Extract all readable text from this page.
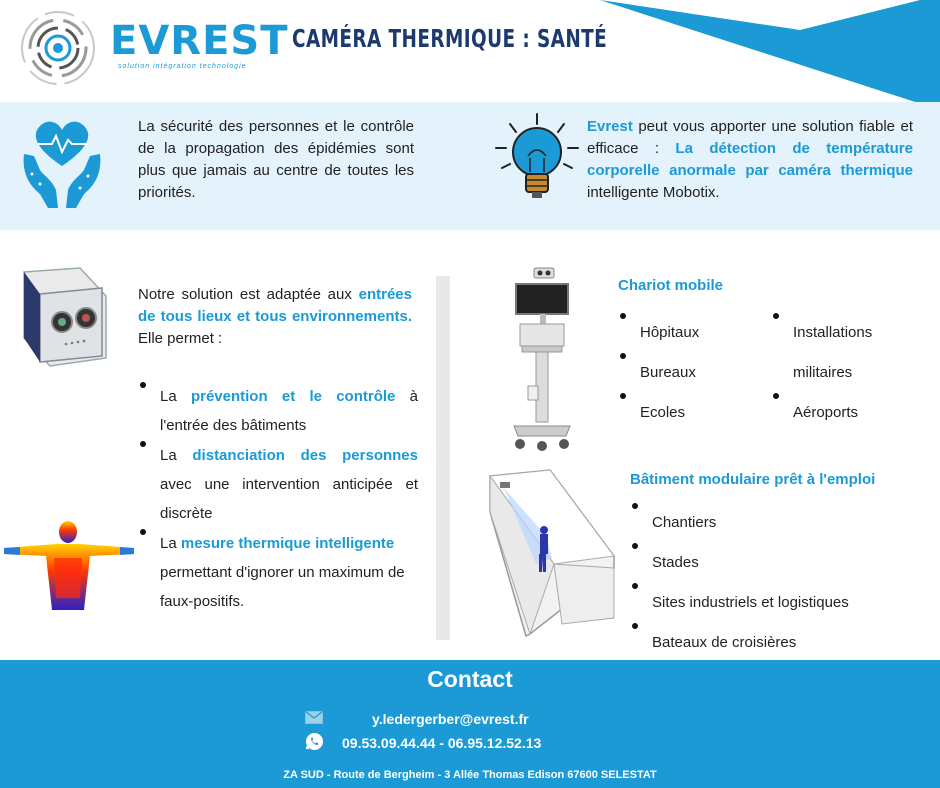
EVREST
solution intégration technologie
CAMÉRA THERMIQUE : SANTÉ

La sécurité des personnes et le contrôle de la propagation des épidémies sont plus que jamais au centre de toutes les priorités.

Evrest peut vous apporter une solution fiable et efficace : La détection de température corporelle anormale par caméra thermique intelligente Mobotix.

Notre solution est adaptée aux entrées de tous lieux et tous environnements. Elle permet :

La prévention et le contrôle à l'entrée des bâtiments
La distanciation des personnes avec une intervention anticipée et discrète
La mesure thermique intelligente permettant d'ignorer un maximum de faux-positifs.
Chariot mobile
Hôpitaux
Bureaux
Ecoles
Installations
militaires
Aéroports
Bâtiment modulaire prêt à l'emploi
Chantiers
Stades
Sites industriels et logistiques
Bateaux de croisières
Contact
y.ledergerber@evrest.fr
09.53.09.44.44 - 06.95.12.52.13
ZA SUD - Route de Bergheim - 3 Allée Thomas Edison 67600 SELESTAT
